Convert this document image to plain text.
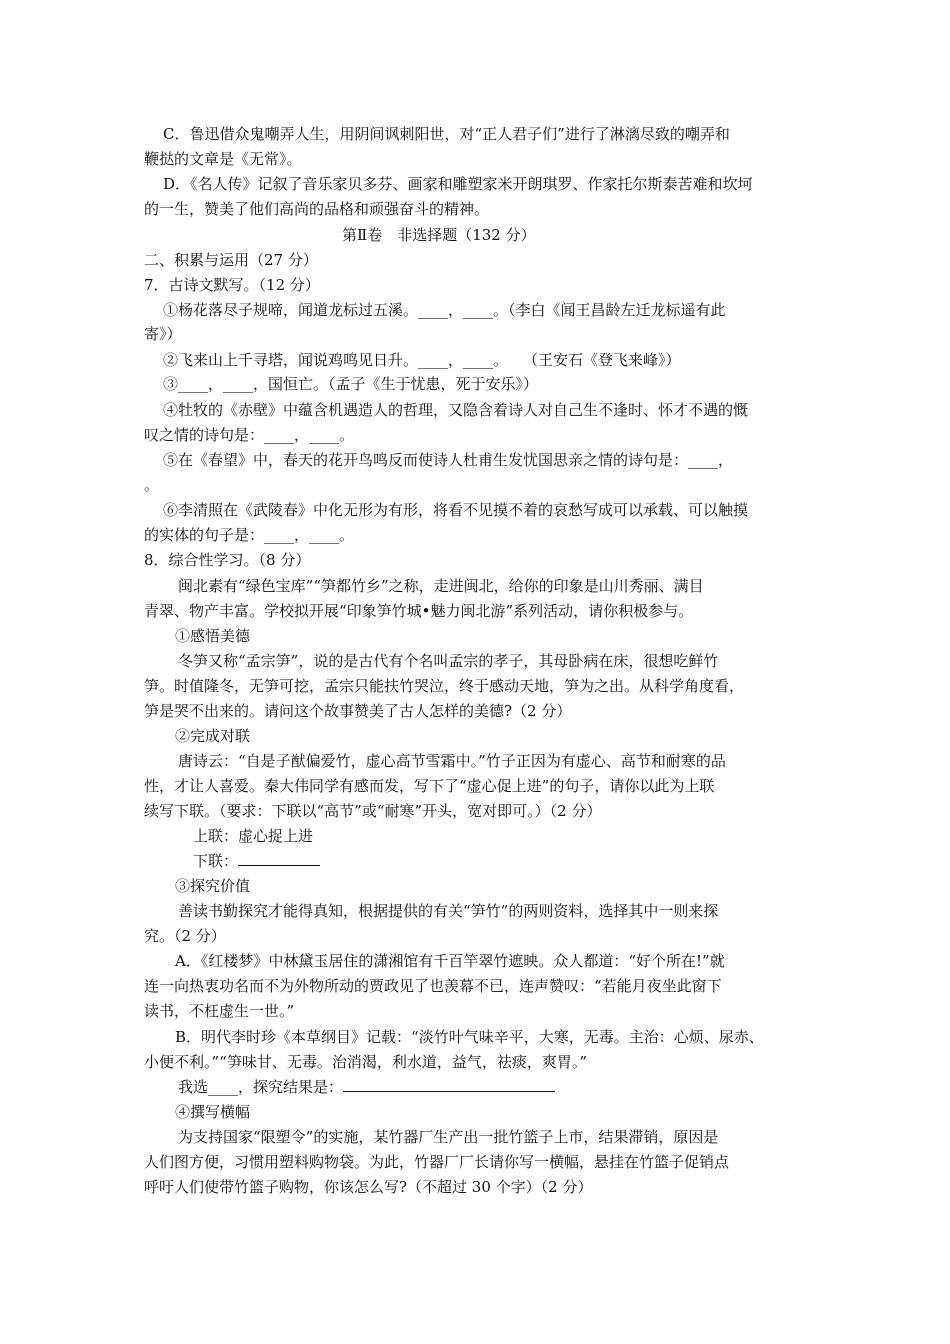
C．鲁迅借众鬼嘲弄人生，用阴间讽刺阳世，对“正人君子们”进行了淋漓尽致的嘲弄和
鞭挞的文章是《无常》。
D．《名人传》记叙了音乐家贝多芬、画家和雕塑家米开朗琪罗、作家托尔斯泰苦难和坎坷
的一生，赞美了他们高尚的品格和顽强奋斗的精神。
第Ⅱ卷　非选择题（132 分）
二、积累与运用（27 分）
7．古诗文默写。（12 分）
①杨花落尽子规啼，闻道龙标过五溪。____，____。（李白《闻王昌龄左迁龙标遥有此
寄》）
②飞来山上千寻塔，闻说鸡鸣见日升。____，____。　　（王安石《登飞来峰》）
③____，____，国恒亡。（孟子《生于忧患，死于安乐》）
④牡牧的《赤壁》中蕴含机遇造人的哲理，又隐含着诗人对自己生不逢时、怀才不遇的慨
叹之情的诗句是：____，____。
⑤在《春望》中，春天的花开鸟鸣反而使诗人杜甫生发忧国思亲之情的诗句是：____，
。
⑥李清照在《武陵春》中化无形为有形，将看不见摸不着的哀愁写成可以承载、可以触摸
的实体的句子是：____，____。
8．综合性学习。（8 分）
闽北素有“绿色宝库”“笋都竹乡”之称，走进闽北，给你的印象是山川秀丽、满目
青翠、物产丰富。学校拟开展“印象笋竹城•魅力闽北游”系列活动，请你积极参与。
①感悟美德
冬笋又称“孟宗笋”，说的是古代有个名叫孟宗的孝子，其母卧病在床，很想吃鲜竹
笋。时值隆冬，无笋可挖，孟宗只能扶竹哭泣，终于感动天地，笋为之出。从科学角度看，
笋是哭不出来的。请问这个故事赞美了古人怎样的美德?（2 分）
②完成对联
唐诗云：“自是子猷偏爱竹，虚心高节雪霜中。”竹子正因为有虚心、高节和耐寒的品
性，才让人喜爱。秦大伟同学有感而发，写下了“虚心促上进”的句子，请你以此为上联
续写下联。（要求：下联以“高节”或“耐寒”开头，宽对即可。）（2 分）
上联：虚心捉上进
下联：
③探究价值
善读书勤探究才能得真知，根据提供的有关“笋竹”的两则资料，选择其中一则来探
究。（2 分）
A．《红楼梦》中林黛玉居住的潇湘馆有千百竿翠竹遮映。众人都道：“好个所在!”就
连一向热衷功名而不为外物所动的贾政见了也羡幕不已，连声赞叹：“若能月夜坐此窗下
读书，不枉虚生一世。”
B．明代李时珍《本草纲目》记载：“淡竹叶气味辛平，大寒，无毒。主治：心烦、尿赤、
小便不利。”“笋味甘、无毒。治消渴，利水道，益气，祛痰，爽胃。”
我选____，探究结果是：
④撰写横幅
为支持国家“限塑令”的实施，某竹器厂生产出一批竹篮子上市，结果滞销，原因是
人们图方便，习惯用塑料购物袋。为此，竹器厂厂长请你写一横幅，悬挂在竹篮子促销点
呼吁人们使带竹篮子购物，你该怎么写?（不超过 30 个字）（2 分）
